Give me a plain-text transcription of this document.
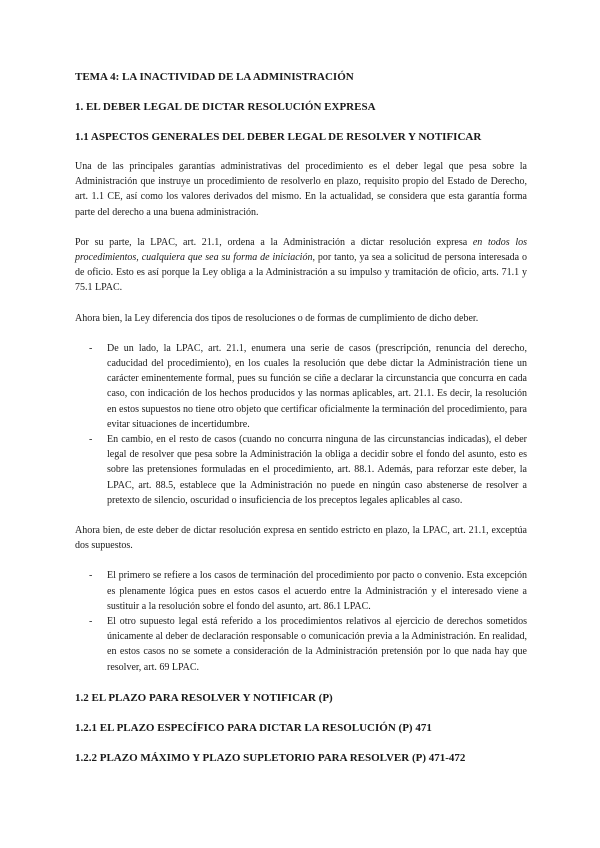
TEMA 4: LA INACTIVIDAD DE LA ADMINISTRACIÓN
1. EL DEBER LEGAL DE DICTAR RESOLUCIÓN EXPRESA
1.1 ASPECTOS GENERALES DEL DEBER LEGAL DE RESOLVER Y NOTIFICAR

Una de las principales garantías administrativas del procedimiento es el deber legal que pesa sobre la Administración que instruye un procedimiento de resolverlo en plazo, requisito propio del Estado de Derecho, art. 1.1 CE, así como los valores derivados del mismo. En la actualidad, se considera que esta garantía forma parte del derecho a una buena administración.

Por su parte, la LPAC, art. 21.1, ordena a la Administración a dictar resolución expresa en todos los procedimientos, cualquiera que sea su forma de iniciación, por tanto, ya sea a solicitud de persona interesada o de oficio. Esto es así porque la Ley obliga a la Administración a su impulso y tramitación de oficio, arts. 71.1 y 75.1 LPAC.

Ahora bien, la Ley diferencia dos tipos de resoluciones o de formas de cumplimiento de dicho deber.

- De un lado, la LPAC, art. 21.1, enumera una serie de casos (prescripción, renuncia del derecho, caducidad del procedimiento), en los cuales la resolución que debe dictar la Administración tiene un carácter eminentemente formal, pues su función se ciñe a declarar la circunstancia que concurra en cada caso, con indicación de los hechos producidos y las normas aplicables, art. 21.1. Es decir, la resolución en estos supuestos no tiene otro objeto que certificar oficialmente la terminación del procedimiento, para evitar situaciones de incertidumbre.
- En cambio, en el resto de casos (cuando no concurra ninguna de las circunstancias indicadas), el deber legal de resolver que pesa sobre la Administración la obliga a decidir sobre el fondo del asunto, esto es sobre las pretensiones formuladas en el procedimiento, art. 88.1. Además, para reforzar este deber, la LPAC, art. 88.5, establece que la Administración no puede en ningún caso abstenerse de resolver a pretexto de silencio, oscuridad o insuficiencia de los preceptos legales aplicables al caso.

Ahora bien, de este deber de dictar resolución expresa en sentido estricto en plazo, la LPAC, art. 21.1, exceptúa dos supuestos.

- El primero se refiere a los casos de terminación del procedimiento por pacto o convenio. Esta excepción es plenamente lógica pues en estos casos el acuerdo entre la Administración y el interesado viene a sustituir a la resolución sobre el fondo del asunto, art. 86.1 LPAC.
- El otro supuesto legal está referido a los procedimientos relativos al ejercicio de derechos sometidos únicamente al deber de declaración responsable o comunicación previa a la Administración. En realidad, en estos casos no se somete a consideración de la Administración pretensión por lo que nada hay que resolver, art. 69 LPAC.
1.2 EL PLAZO PARA RESOLVER Y NOTIFICAR (P)
1.2.1 EL PLAZO ESPECÍFICO PARA DICTAR LA RESOLUCIÓN (P) 471
1.2.2 PLAZO MÁXIMO Y PLAZO SUPLETORIO PARA RESOLVER (P) 471-472
